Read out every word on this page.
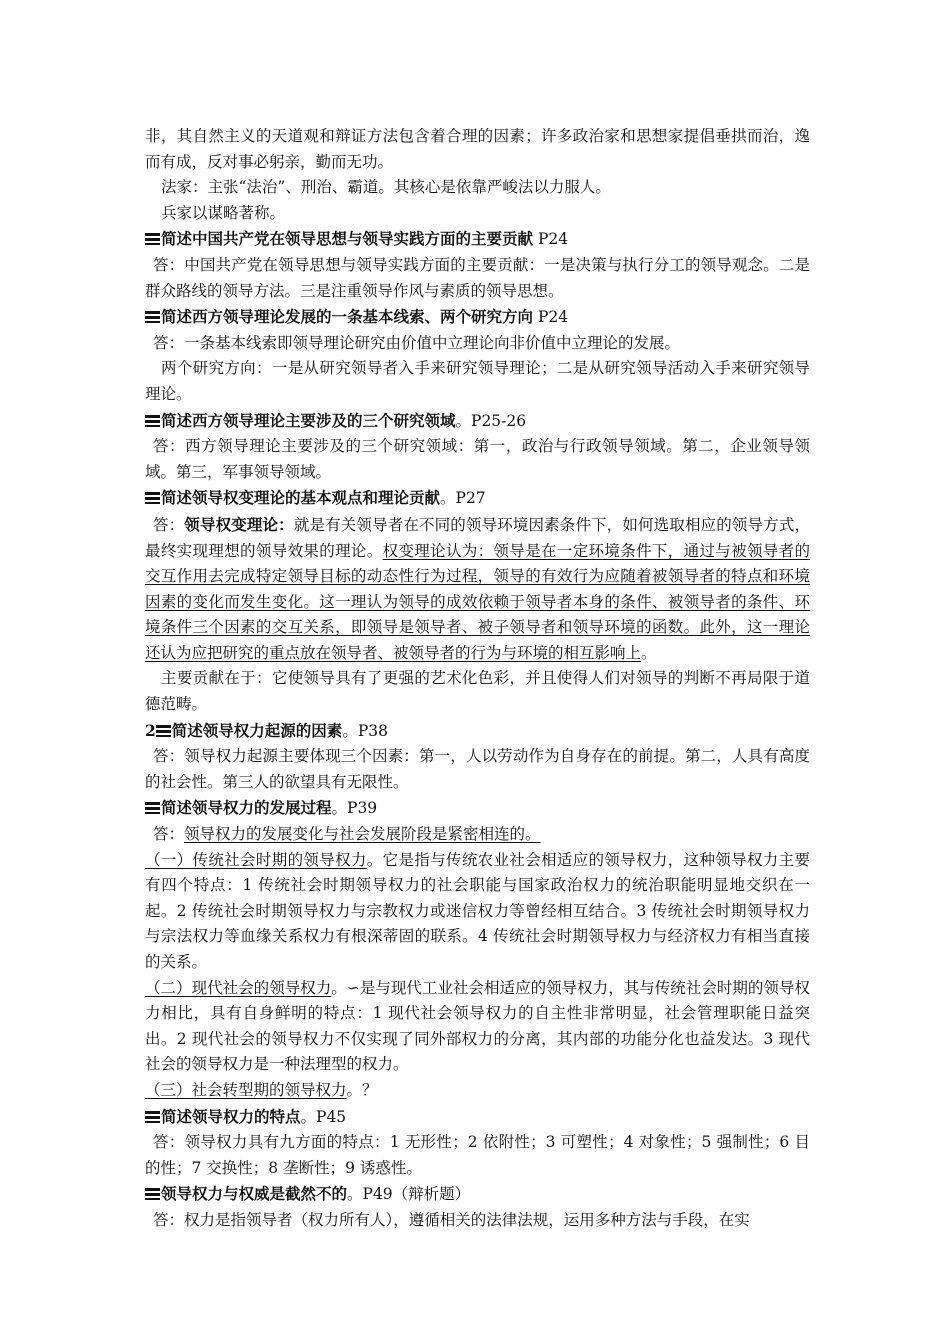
非，其自然主义的天道观和辩证方法包含着合理的因素；许多政治家和思想家提倡垂拱而治，逸而有成，反对事必躬亲，勤而无功。

法家：主张“法治”、刑治、霸道。其核心是依靠严峻法以力服人。

兵家以谋略著称。

简述中国共产党在领导思想与领导实践方面的主要贡献 P24

答：中国共产党在领导思想与领导实践方面的主要贡献：一是决策与执行分工的领导观念。二是群众路线的领导方法。三是注重领导作风与素质的领导思想。

简述西方领导理论发展的一条基本线索、两个研究方向 P24

答：一条基本线索即领导理论研究由价值中立理论向非价值中立理论的发展。

两个研究方向：一是从研究领导者入手来研究领导理论；二是从研究领导活动入手来研究领导理论。

简述西方领导理论主要涉及的三个研究领域。P25-26

答：西方领导理论主要涉及的三个研究领域：第一，政治与行政领导领域。第二，企业领导领域。第三，军事领导领域。

简述领导权变理论的基本观点和理论贡献。P27

答：领导权变理论：就是有关领导者在不同的领导环境因素条件下，如何选取相应的领导方式，最终实现理想的领导效果的理论。权变理论认为：领导是在一定环境条件下，通过与被领导者的交互作用去完成特定领导目标的动态性行为过程，领导的有效行为应随着被领导者的特点和环境因素的变化而发生变化。这一理认为领导的成效依赖于领导者本身的条件、被领导者的条件、环境条件三个因素的交互关系，即领导是领导者、被子领导者和领导环境的函数。此外，这一理论还认为应把研究的重点放在领导者、被领导者的行为与环境的相互影响上。

主要贡献在于：它使领导具有了更强的艺术化色彩，并且使得人们对领导的判断不再局限于道德范畴。

2 简述领导权力起源的因素。P38

答：领导权力起源主要体现三个因素：第一，人以劳动作为自身存在的前提。第二，人具有高度的社会性。第三人的欲望具有无限性。

简述领导权力的发展过程。P39

答：领导权力的发展变化与社会发展阶段是紧密相连的。

（一）传统社会时期的领导权力。它是指与传统农业社会相适应的领导权力，这种领导权力主要有四个特点：1 传统社会时期领导权力的社会职能与国家政治权力的统治职能明显地交织在一起。2 传统社会时期领导权力与宗教权力或迷信权力等曾经相互结合。3 传统社会时期领导权力与宗法权力等血缘关系权力有根深蒂固的联系。4 传统社会时期领导权力与经济权力有相当直接的关系。

（二）现代社会的领导权力。∽是与现代工业社会相适应的领导权力，其与传统社会时期的领导权力相比，具有自身鲜明的特点：1 现代社会领导权力的自主性非常明显，社会管理职能日益突出。2 现代社会的领导权力不仅实现了同外部权力的分离，其内部的功能分化也益发达。3 现代社会的领导权力是一种法理型的权力。

（三）社会转型期的领导权力。？

简述领导权力的特点。P45

答：领导权力具有九方面的特点：1 无形性；2 依附性；3 可塑性；4 对象性；5 强制性；6 目的性；7 交换性；8 垄断性；9 诱惑性。

领导权力与权威是截然不的。P49（辩析题）

答：权力是指领导者（权力所有人），遵循相关的法律法规，运用多种方法与手段，在实
